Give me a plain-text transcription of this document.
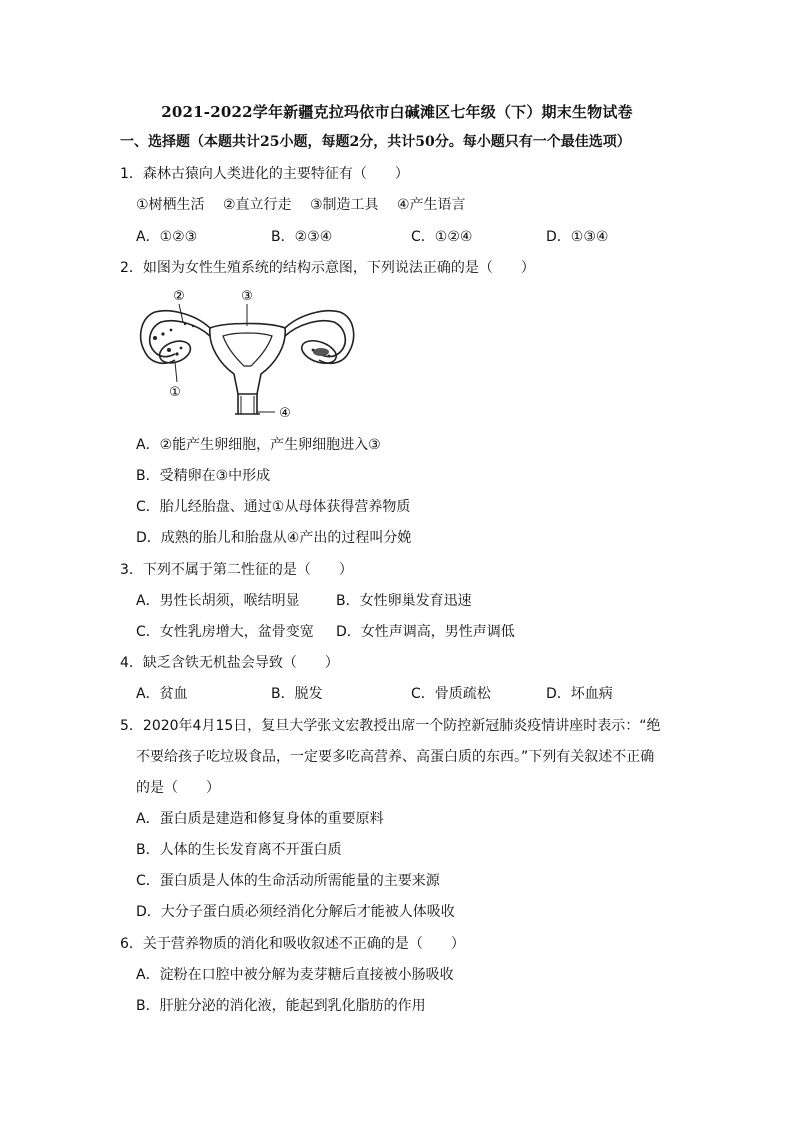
2021-2022学年新疆克拉玛依市白碱滩区七年级（下）期末生物试卷
一、选择题（本题共计25小题，每题2分，共计50分。每小题只有一个最佳选项）
1．森林古猿向人类进化的主要特征有（　　）
①树栖生活　 ②直立行走　 ③制造工具　 ④产生语言
A．①②③	B．②③④	C．①②④	D．①③④
2．如图为女性生殖系统的结构示意图，下列说法正确的是（　　）
②	③
①
④
A．②能产生卵细胞，产生卵细胞进入③
B．受精卵在③中形成
C．胎儿经胎盘、通过①从母体获得营养物质
D．成熟的胎儿和胎盘从④产出的过程叫分娩
3．下列不属于第二性征的是（　　）
A．男性长胡须，喉结明显	B．女性卵巢发育迅速
C．女性乳房增大，盆骨变宽 D．女性声调高，男性声调低
4．缺乏含铁无机盐会导致（　　）
A．贫血	B．脱发	C．骨质疏松	D．坏血病
5．2020年4月15日，复旦大学张文宏教授出席一个防控新冠肺炎疫情讲座时表示：“绝
不要给孩子吃垃圾食品，一定要多吃高营养、高蛋白质的东西。”下列有关叙述不正确
的是（　　）
A．蛋白质是建造和修复身体的重要原料
B．人体的生长发育离不开蛋白质
C．蛋白质是人体的生命活动所需能量的主要来源
D．大分子蛋白质必须经消化分解后才能被人体吸收
6．关于营养物质的消化和吸收叙述不正确的是（　　）
A．淀粉在口腔中被分解为麦芽糖后直接被小肠吸收
B．肝脏分泌的消化液，能起到乳化脂肪的作用
